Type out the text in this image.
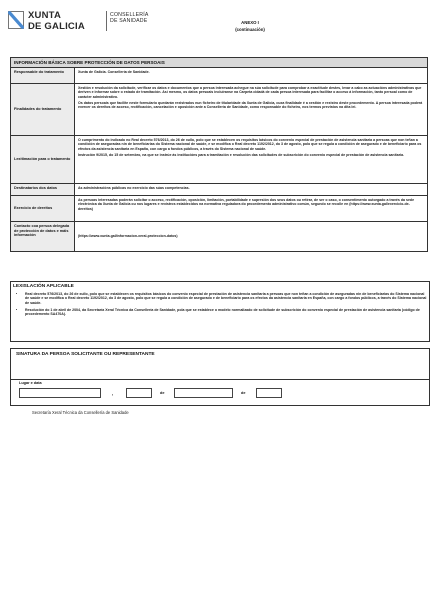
XUNTA
DE GALICIA
CONSELLERÍA
DE SANIDADE	ANEXO I
(continuación)
INFORMACIÓN BÁSICA SOBRE PROTECCIÓN DE DATOS PERSOAIS	
Responsable do tratamento	Xunta de Galicia. Consellería de Sanidade.

Finalidades do tratamento	Xestión e resolución da solicitude, verificar os datos e documentos que a persoa interesada achegue na súa solicitude para comprobar a exactitude destes, levar a cabo as actuacións administrativas que deriven e informar sobre o estado de tramitación. Así mesmo, os datos persoais incluiranse na Carpeta cidadá de cada persoa interesada para facilitar o acceso á información, tanto persoal como de carácter administrativo.

Os datos persoais que facilite neste formulario quedarán rexistrados nun ficheiro de titularidade da Xunta de Galicia, cuxa finalidade é a xestión e rexistro deste procedemento. A persoa interesada poderá exercer os dereitos de acceso, rectificación, cancelación e oposición ante a Consellería de Sanidade, como responsable do ficheiro, nos termos previstos na dita lei.

Lexitimación para o tratamento	O cumprimento do indicado no Real decreto 576/2013, do 26 de xullo, polo que se establecen os requisitos básicos do convenio especial de prestación de asistencia sanitaria a persoas que non teñan a condición de aseguradas nin de beneficiarias do Sistema nacional de saúde, e se modifica o Real decreto 1192/2012, do 3 de agosto, polo que se regula a condición de asegurado e de beneficiario para os efectos da asistencia sanitaria en España, con cargo a fondos públicos, a través do Sistema nacional de saúde.

Instrución 9/2015, do 15 de setembro, na que se instrúe ás institucións para a tramitación e resolución das solicitudes de subscrición do convenio especial de prestación de asistencia sanitaria.

Destinatarios dos datos	As administracións públicas no exercicio das súas competencias.

Exercicio de dereitos	As persoas interesadas poderán solicitar o acceso, rectificación, oposición, limitación, portabilidade e supresión dos seus datos ou retirar, de ser o caso, o consentimento outorgado a través da sede electrónica da Xunta de Galicia ou nos lugares e rexistros establecidos na normativa reguladora do procedemento administrativo común, segundo se recolle en (https://www.xunta.gal/exercicio-de-dereitos)

Contacto coa persoa delegada de protección de datos e máis información	(https://www.xunta.gal/informacion-xeral-proteccion-datos)

LEXISLACIÓN APLICABLE
• Real decreto 576/2013, do 26 de xullo, polo que se establecen os requisitos básicos do convenio especial de prestación de asistencia sanitaria a persoas que non teñan a condición de aseguradas nin de beneficiarias do Sistema nacional de saúde e se modifica o Real decreto 1192/2012, do 3 de agosto, polo que se regula a condición de asegurado e de beneficiario para os efectos da asistencia sanitaria en España, con cargo a fondos públicos, a través do Sistema nacional de saúde.
• Resolución do 1 de abril de 2004, da Secretaría Xeral Técnica da Consellería de Sanidade, pola que se establece o modelo normalizado de solicitude de subscrición do convenio especial de prestación de asistencia sanitaria (código de procedemento SA470A).
SINATURA DA PERSOA SOLICITANTE OU REPRESENTANTE
Lugar e data
,	de	de
Secretaría Xeral Técnica da Consellería de Sanidade
